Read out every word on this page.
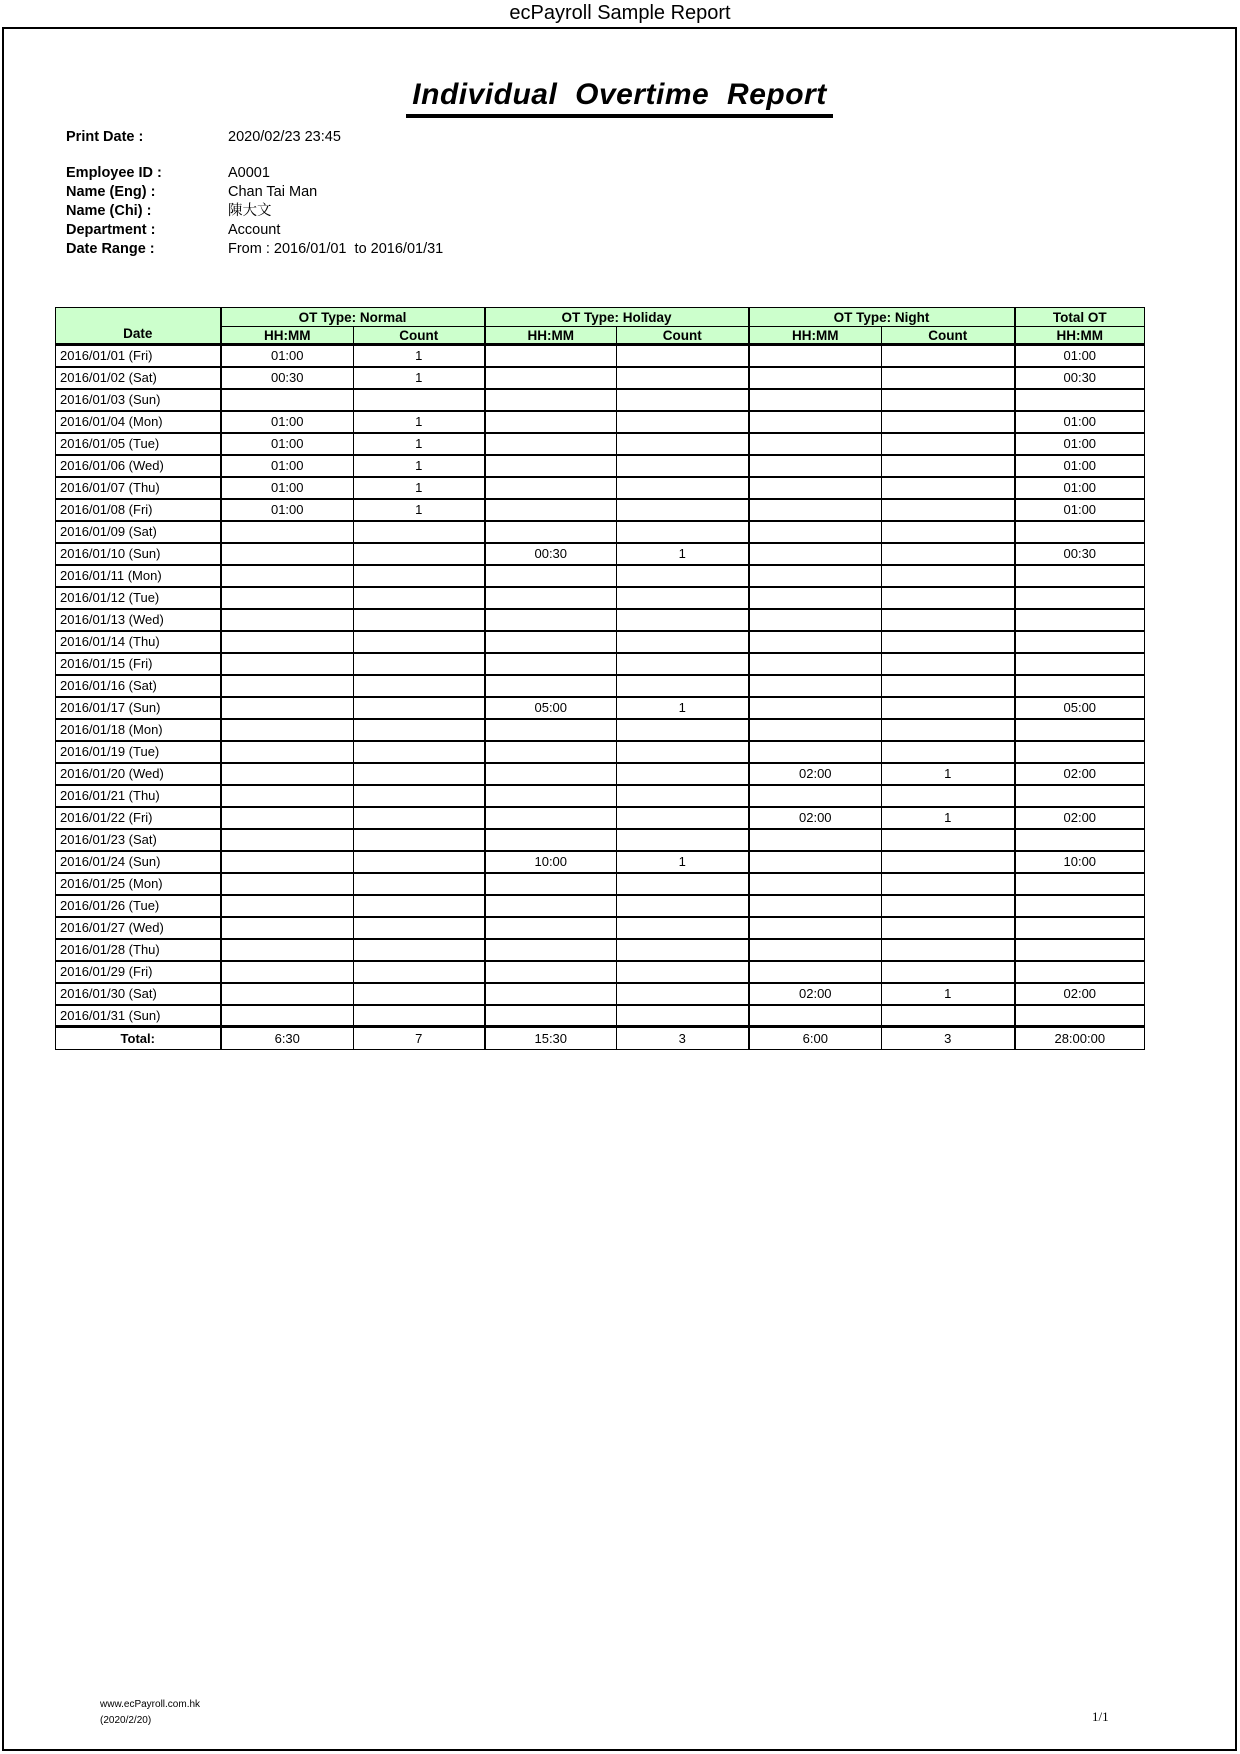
ecPayroll Sample Report
Individual Overtime Report
Print Date :	2020/02/23 23:45
Employee ID :	A0001
Name (Eng) :	Chan Tai Man
Name (Chi) :	陳大文
Department :	Account
Date Range :	From : 2016/01/01  to 2016/01/31
Date	OT Type: Normal		OT Type: Holiday		OT Type: Night		Total OT
	HH:MM	Count	HH:MM	Count	HH:MM	Count	HH:MM
2016/01/01 (Fri)	01:00	1					01:00
2016/01/02 (Sat)	00:30	1					00:30
2016/01/03 (Sun)							
2016/01/04 (Mon)	01:00	1					01:00
2016/01/05 (Tue)	01:00	1					01:00
2016/01/06 (Wed)	01:00	1					01:00
2016/01/07 (Thu)	01:00	1					01:00
2016/01/08 (Fri)	01:00	1					01:00
2016/01/09 (Sat)							
2016/01/10 (Sun)			00:30	1			00:30
2016/01/11 (Mon)							
2016/01/12 (Tue)							
2016/01/13 (Wed)							
2016/01/14 (Thu)							
2016/01/15 (Fri)							
2016/01/16 (Sat)							
2016/01/17 (Sun)			05:00	1			05:00
2016/01/18 (Mon)							
2016/01/19 (Tue)							
2016/01/20 (Wed)					02:00	1	02:00
2016/01/21 (Thu)							
2016/01/22 (Fri)					02:00	1	02:00
2016/01/23 (Sat)							
2016/01/24 (Sun)			10:00	1			10:00
2016/01/25 (Mon)							
2016/01/26 (Tue)							
2016/01/27 (Wed)							
2016/01/28 (Thu)							
2016/01/29 (Fri)							
2016/01/30 (Sat)					02:00	1	02:00
2016/01/31 (Sun)							
Total:	6:30	7	15:30	3	6:00	3	28:00:00
www.ecPayroll.com.hk
(2020/2/20)	1/1
